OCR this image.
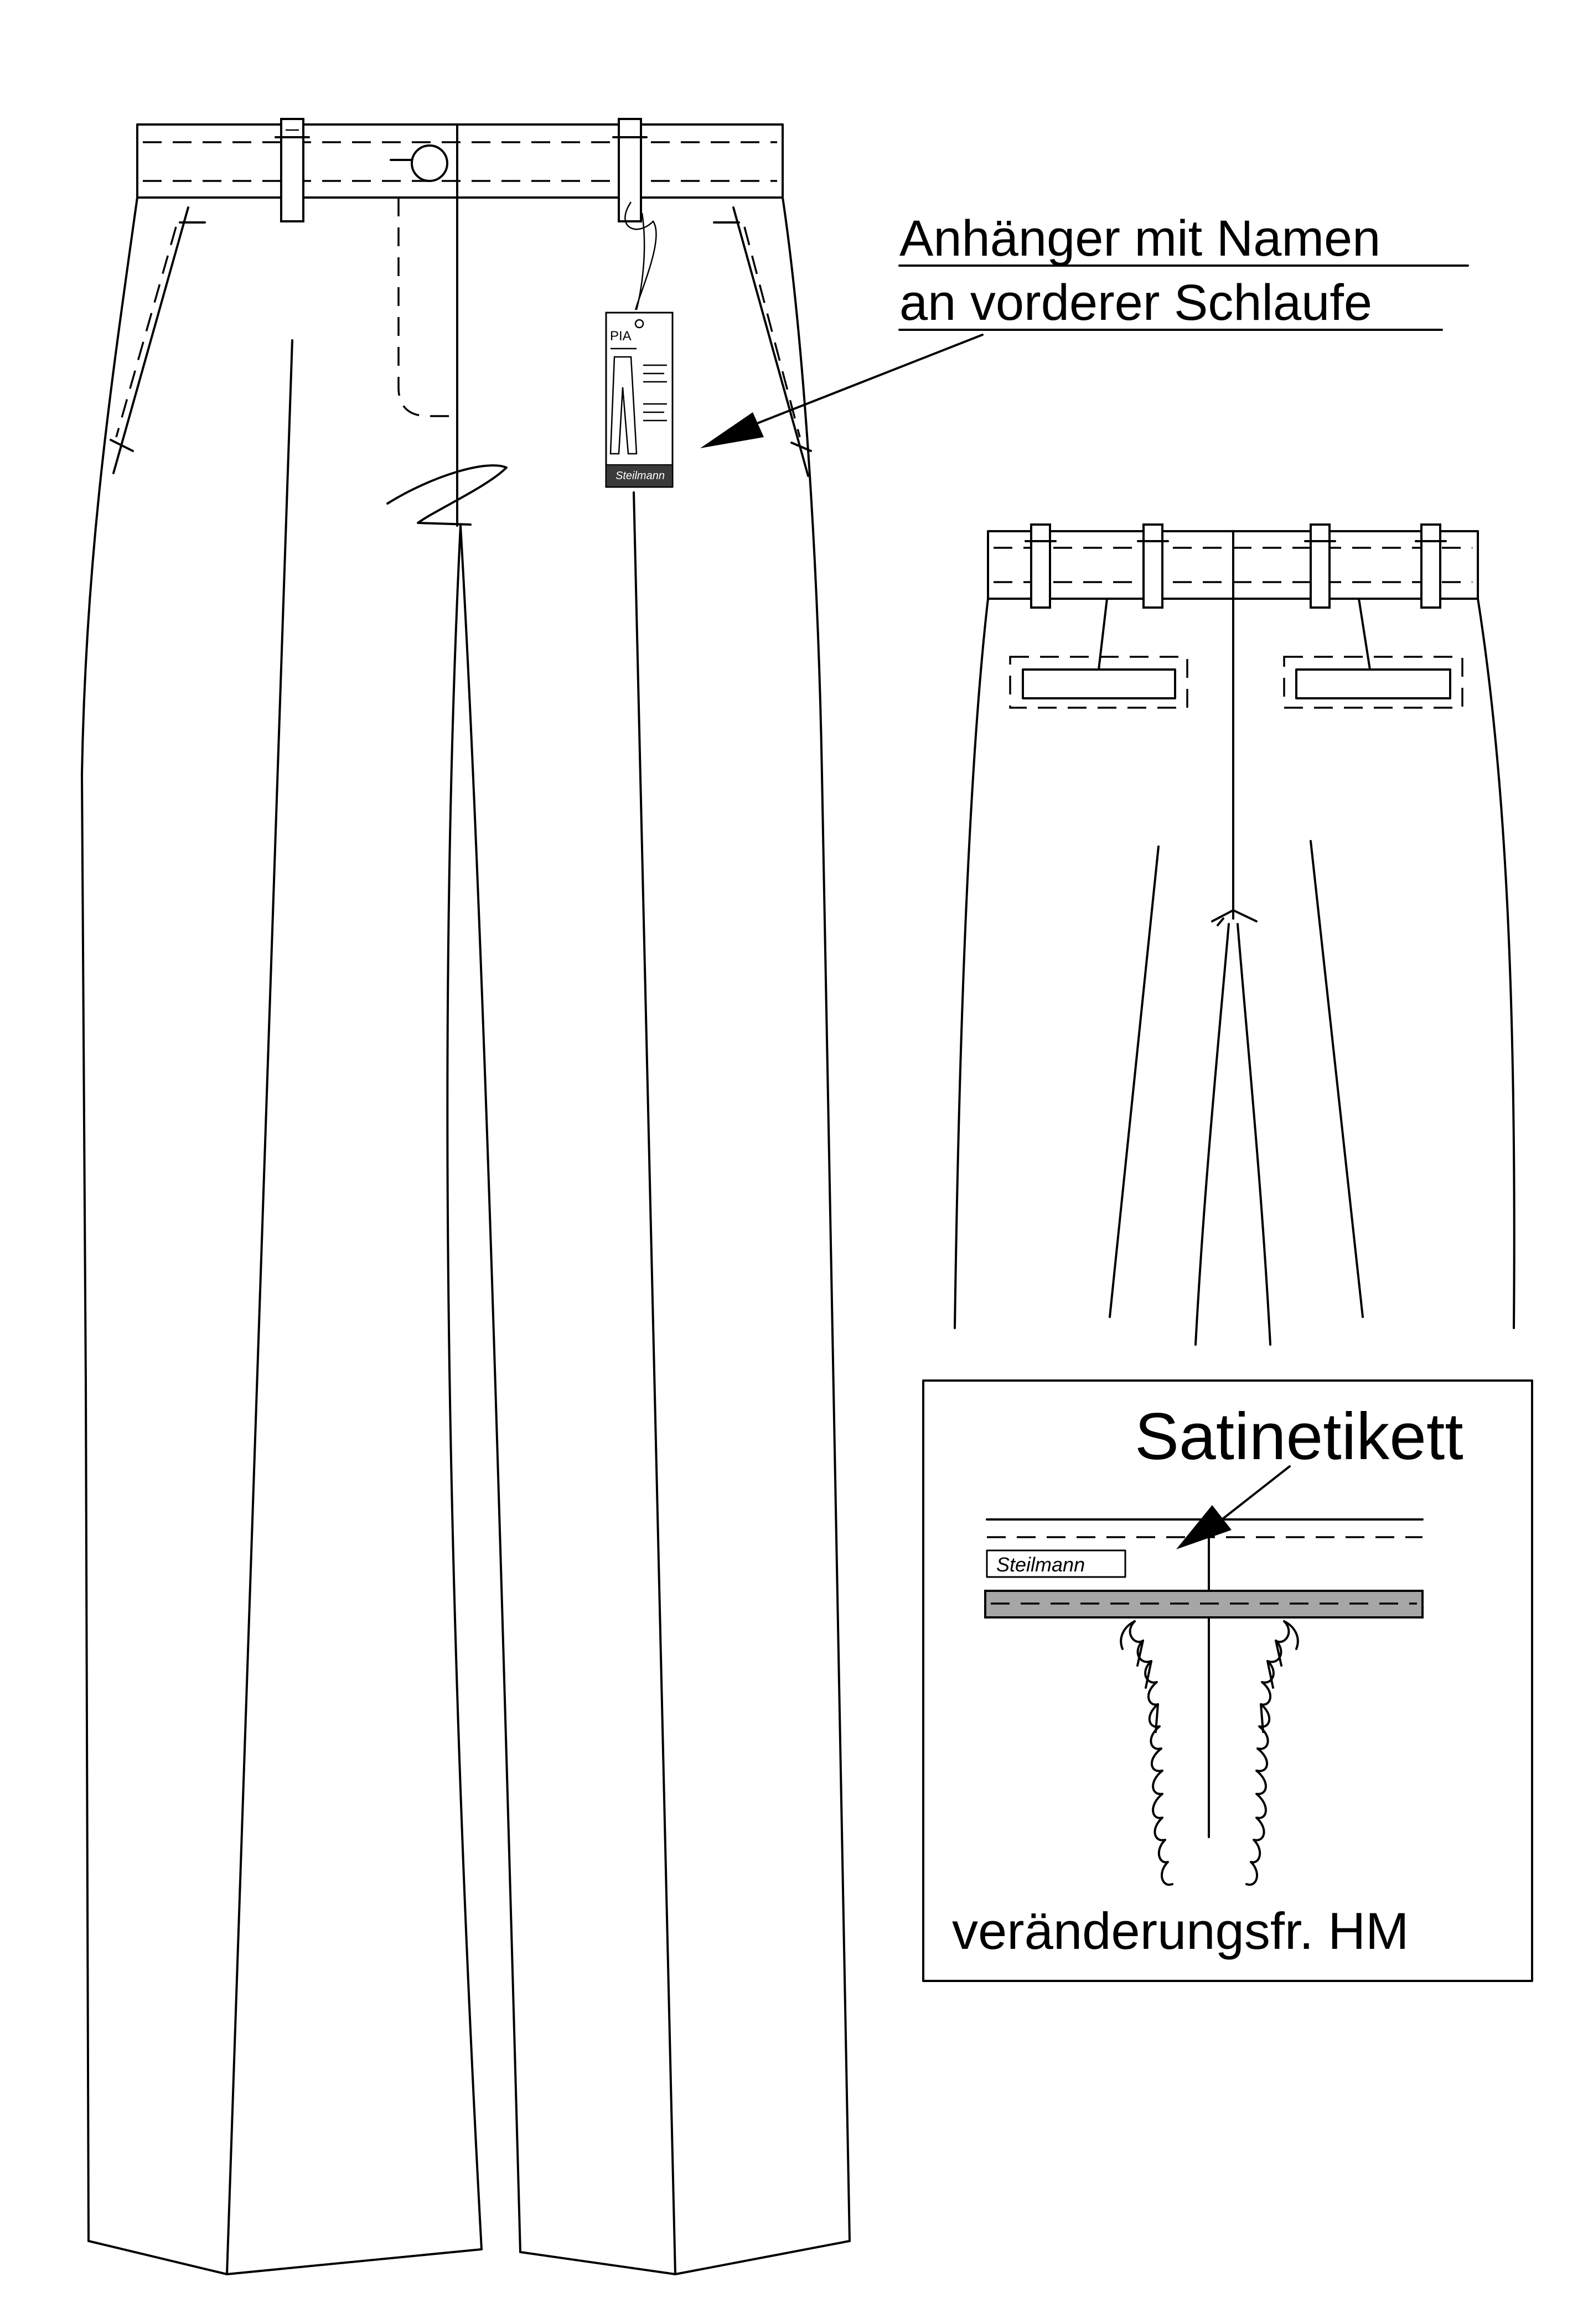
PIA
Steilmann
Anhänger mit Namen
an vorderer Schlaufe
Satinetikett
Steilmann
veränderungsfr. HM
